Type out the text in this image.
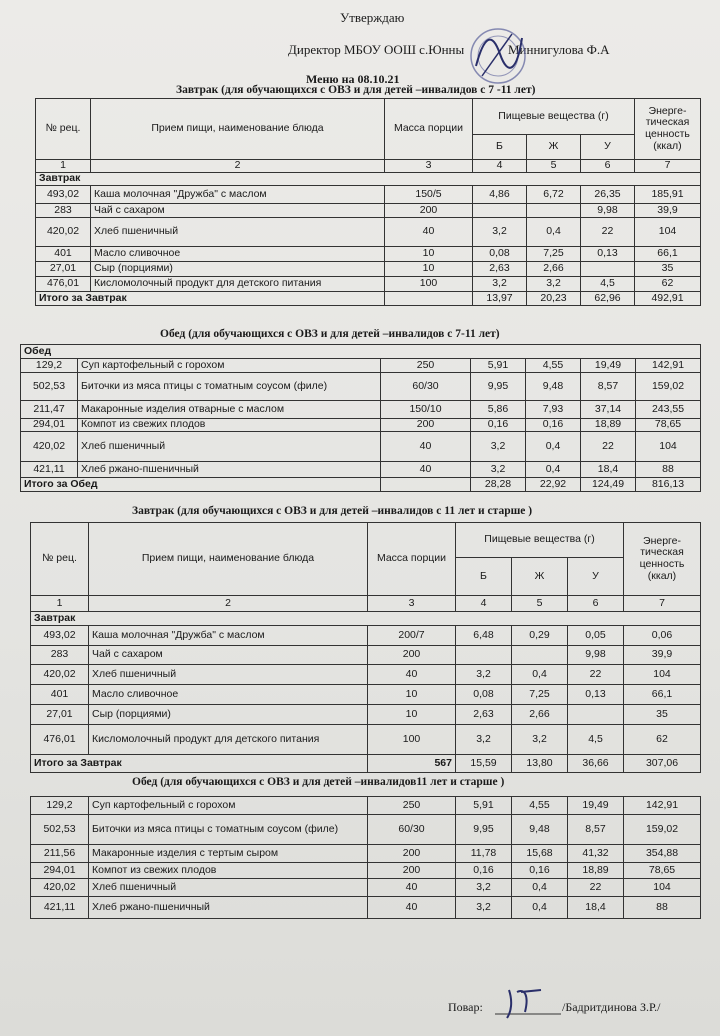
Утверждаю
Директор МБОУ ООШ с.Юнны	Миннигулова Ф.А
Меню на 08.10.21
Завтрак (для обучающихся с ОВЗ и для детей –инвалидов с 7 -11 лет)
№ рец.	Прием пищи, наименование блюда	Масса порции	Пищевые вещества (г)			Энерге-тическая ценность (ккал)
			Б	Ж	У	
1	2	3	4	5	6	7
Завтрак						
493,02	Каша молочная "Дружба" с маслом	150/5	4,86	6,72	26,35	185,91
283	Чай с сахаром	200			9,98	39,9
420,02	Хлеб пшеничный	40	3,2	0,4	22	104
401	Масло сливочное	10	0,08	7,25	0,13	66,1
27,01	Сыр (порциями)	10	2,63	2,66		35
476,01	Кисломолочный продукт для детского питания	100	3,2	3,2	4,5	62
Итого за Завтрак			13,97	20,23	62,96	492,91
Обед (для обучающихся с ОВЗ и для детей –инвалидов с 7-11 лет)
Обед						
129,2	Суп картофельный с горохом	250	5,91	4,55	19,49	142,91
502,53	Биточки из мяса птицы с томатным соусом (филе)	60/30	9,95	9,48	8,57	159,02
211,47	Макаронные изделия отварные с маслом	150/10	5,86	7,93	37,14	243,55
294,01	Компот из свежих плодов	200	0,16	0,16	18,89	78,65
420,02	Хлеб пшеничный	40	3,2	0,4	22	104
421,11	Хлеб ржано-пшеничный	40	3,2	0,4	18,4	88
Итого за Обед			28,28	22,92	124,49	816,13
Завтрак (для обучающихся с ОВЗ и для детей –инвалидов с 11 лет и старше )
№ рец.	Прием пищи, наименование блюда	Масса порции	Пищевые вещества (г)			Энерге-тическая ценность (ккал)
			Б	Ж	У	
1	2	3	4	5	6	7
Завтрак						
493,02	Каша молочная "Дружба" с маслом	200/7	6,48	0,29	0,05	0,06
283	Чай с сахаром	200			9,98	39,9
420,02	Хлеб пшеничный	40	3,2	0,4	22	104
401	Масло сливочное	10	0,08	7,25	0,13	66,1
27,01	Сыр (порциями)	10	2,63	2,66		35
476,01	Кисломолочный продукт для детского питания	100	3,2	3,2	4,5	62
Итого за Завтрак		567	15,59	13,80	36,66	307,06
Обед (для обучающихся с ОВЗ и для детей –инвалидов11 лет и старше )
129,2	Суп картофельный с горохом	250	5,91	4,55	19,49	142,91
502,53	Биточки из мяса птицы с томатным соусом (филе)	60/30	9,95	9,48	8,57	159,02
211,56	Макаронные изделия с тертым сыром	200	11,78	15,68	41,32	354,88
294,01	Компот из свежих плодов	200	0,16	0,16	18,89	78,65
420,02	Хлеб пшеничный	40	3,2	0,4	22	104
421,11	Хлеб ржано-пшеничный	40	3,2	0,4	18,4	88
Повар:	/Бадритдинова З.Р./
